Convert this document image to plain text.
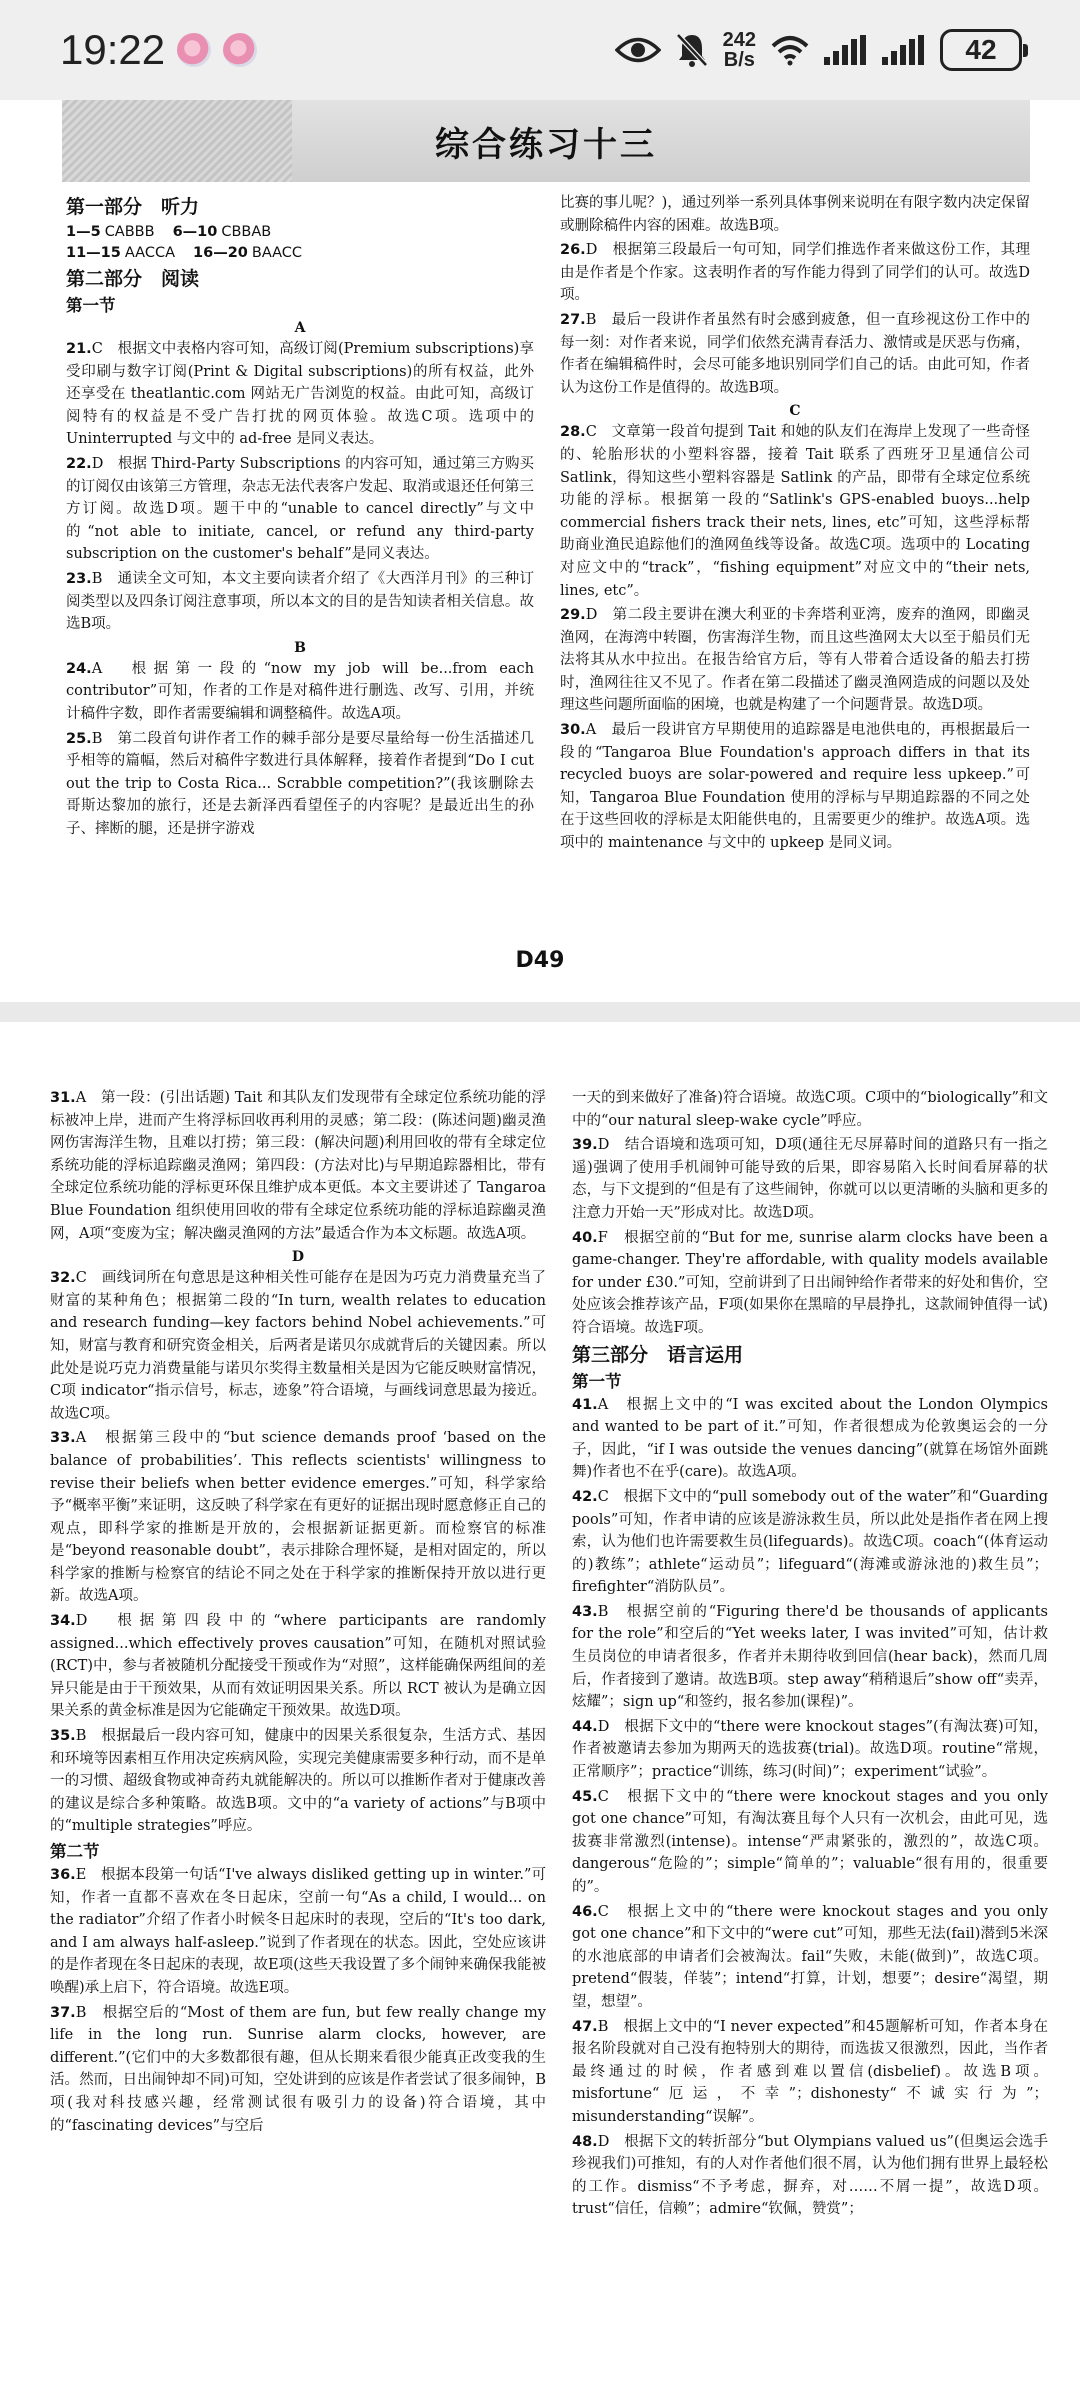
19:22	242
B/s	42
综合练习十三
第一部分　听力
1—5 CABBB 6—10 CBBAB
11—15 AACCA 16—20 BAACC
第二部分　阅读
第一节
A
21.C　根据文中表格内容可知，高级订阅(Premium subscriptions)享受印刷与数字订阅(Print & Digital subscriptions)的所有权益，此外还享受在 theatlantic.com 网站无广告浏览的权益。由此可知，高级订阅特有的权益是不受广告打扰的网页体验。故选C项。选项中的 Uninterrupted 与文中的 ad-free 是同义表达。
22.D　根据 Third-Party Subscriptions 的内容可知，通过第三方购买的订阅仅由该第三方管理，杂志无法代表客户发起、取消或退还任何第三方订阅。故选D项。题干中的“unable to cancel directly”与文中的“not able to initiate, cancel, or refund any third-party subscription on the customer's behalf”是同义表达。
23.B　通读全文可知，本文主要向读者介绍了《大西洋月刊》的三种订阅类型以及四条订阅注意事项，所以本文的目的是告知读者相关信息。故选B项。
B
24.A　根据第一段的“now my job will be...from each contributor”可知，作者的工作是对稿件进行删选、改写、引用，并统计稿件字数，即作者需要编辑和调整稿件。故选A项。
25.B　第二段首句讲作者工作的棘手部分是要尽量给每一份生活描述几乎相等的篇幅，然后对稿件字数进行具体解释，接着作者提到“Do I cut out the trip to Costa Rica... Scrabble competition?”(我该删除去哥斯达黎加的旅行，还是去新泽西看望侄子的内容呢？是最近出生的孙子、摔断的腿，还是拼字游戏
比赛的事儿呢？)，通过列举一系列具体事例来说明在有限字数内决定保留或删除稿件内容的困难。故选B项。
26.D　根据第三段最后一句可知，同学们推选作者来做这份工作，其理由是作者是个作家。这表明作者的写作能力得到了同学们的认可。故选D项。
27.B　最后一段讲作者虽然有时会感到疲惫，但一直珍视这份工作中的每一刻：对作者来说，同学们依然充满青春活力、激情或是厌恶与伤痛，作者在编辑稿件时，会尽可能多地识别同学们自己的话。由此可知，作者认为这份工作是值得的。故选B项。
C
28.C　文章第一段首句提到 Tait 和她的队友们在海岸上发现了一些奇怪的、轮胎形状的小塑料容器，接着 Tait 联系了西班牙卫星通信公司 Satlink，得知这些小塑料容器是 Satlink 的产品，即带有全球定位系统功能的浮标。根据第一段的“Satlink's GPS-enabled buoys...help commercial fishers track their nets, lines, etc”可知，这些浮标帮助商业渔民追踪他们的渔网鱼线等设备。故选C项。选项中的 Locating 对应文中的“track”，“fishing equipment”对应文中的“their nets, lines, etc”。
29.D　第二段主要讲在澳大利亚的卡奔塔利亚湾，废弃的渔网，即幽灵渔网，在海湾中转圈，伤害海洋生物，而且这些渔网太大以至于船员们无法将其从水中拉出。在报告给官方后，等有人带着合适设备的船去打捞时，渔网往往又不见了。作者在第二段描述了幽灵渔网造成的问题以及处理这些问题所面临的困境，也就是构建了一个问题背景。故选D项。
30.A　最后一段讲官方早期使用的追踪器是电池供电的，再根据最后一段的“Tangaroa Blue Foundation's approach differs in that its recycled buoys are solar-powered and require less upkeep.”可知，Tangaroa Blue Foundation 使用的浮标与早期追踪器的不同之处在于这些回收的浮标是太阳能供电的，且需要更少的维护。故选A项。选项中的 maintenance 与文中的 upkeep 是同义词。
D49
31.A　第一段：(引出话题) Tait 和其队友们发现带有全球定位系统功能的浮标被冲上岸，进而产生将浮标回收再利用的灵感；第二段：(陈述问题)幽灵渔网伤害海洋生物，且难以打捞；第三段：(解决问题)利用回收的带有全球定位系统功能的浮标追踪幽灵渔网；第四段：(方法对比)与早期追踪器相比，带有全球定位系统功能的浮标更环保且维护成本更低。本文主要讲述了 Tangaroa Blue Foundation 组织使用回收的带有全球定位系统功能的浮标追踪幽灵渔网，A项“变废为宝；解决幽灵渔网的方法”最适合作为本文标题。故选A项。
D
32.C　画线词所在句意思是这种相关性可能存在是因为巧克力消费量充当了财富的某种角色；根据第二段的“In turn, wealth relates to education and research funding—key factors behind Nobel achievements.”可知，财富与教育和研究资金相关，后两者是诺贝尔成就背后的关键因素。所以此处是说巧克力消费量能与诺贝尔奖得主数量相关是因为它能反映财富情况，C项 indicator“指示信号，标志，迹象”符合语境，与画线词意思最为接近。故选C项。
33.A　根据第三段中的“but science demands proof ‘based on the balance of probabilities’. This reflects scientists' willingness to revise their beliefs when better evidence emerges.”可知，科学家给予“概率平衡”来证明，这反映了科学家在有更好的证据出现时愿意修正自己的观点，即科学家的推断是开放的，会根据新证据更新。而检察官的标准是“beyond reasonable doubt”，表示排除合理怀疑，是相对固定的，所以科学家的推断与检察官的结论不同之处在于科学家的推断保持开放以进行更新。故选A项。
34.D　根据第四段中的“where participants are randomly assigned...which effectively proves causation”可知，在随机对照试验(RCT)中，参与者被随机分配接受干预或作为“对照”，这样能确保两组间的差异只能是由于干预效果，从而有效证明因果关系。所以 RCT 被认为是确立因果关系的黄金标准是因为它能确定干预效果。故选D项。
35.B　根据最后一段内容可知，健康中的因果关系很复杂，生活方式、基因和环境等因素相互作用决定疾病风险，实现完美健康需要多种行动，而不是单一的习惯、超级食物或神奇药丸就能解决的。所以可以推断作者对于健康改善的建议是综合多种策略。故选B项。文中的“a variety of actions”与B项中的“multiple strategies”呼应。
第二节
36.E　根据本段第一句话“I've always disliked getting up in winter.”可知，作者一直都不喜欢在冬日起床，空前一句“As a child, I would... on the radiator”介绍了作者小时候冬日起床时的表现，空后的“It's too dark, and I am always half-asleep.”说到了作者现在的状态。因此，空处应该讲的是作者现在冬日起床的表现，故E项(这些天我设置了多个闹钟来确保我能被唤醒)承上启下，符合语境。故选E项。
37.B　根据空后的“Most of them are fun, but few really change my life in the long run. Sunrise alarm clocks, however, are different.”(它们中的大多数都很有趣，但从长期来看很少能真正改变我的生活。然而，日出闹钟却不同)可知，空处讲到的应该是作者尝试了很多闹钟，B项(我对科技感兴趣，经常测试很有吸引力的设备)符合语境，其中的“fascinating devices”与空后
一天的到来做好了准备)符合语境。故选C项。C项中的“biologically”和文中的“our natural sleep-wake cycle”呼应。
39.D　结合语境和选项可知，D项(通往无尽屏幕时间的道路只有一指之遥)强调了使用手机闹钟可能导致的后果，即容易陷入长时间看屏幕的状态，与下文提到的“但是有了这些闹钟，你就可以以更清晰的头脑和更多的注意力开始一天”形成对比。故选D项。
40.F　根据空前的“But for me, sunrise alarm clocks have been a game-changer. They're affordable, with quality models available for under £30.”可知，空前讲到了日出闹钟给作者带来的好处和售价，空处应该会推荐该产品，F项(如果你在黑暗的早晨挣扎，这款闹钟值得一试)符合语境。故选F项。
第三部分　语言运用
第一节
41.A　根据上文中的“I was excited about the London Olympics and wanted to be part of it.”可知，作者很想成为伦敦奥运会的一分子，因此，“if I was outside the venues dancing”(就算在场馆外面跳舞)作者也不在乎(care)。故选A项。
42.C　根据下文中的“pull somebody out of the water”和“Guarding pools”可知，作者申请的应该是游泳救生员，所以此处是指作者在网上搜索，认为他们也许需要救生员(lifeguards)。故选C项。coach“(体育运动的)教练”；athlete“运动员”；lifeguard“(海滩或游泳池的)救生员”；firefighter“消防队员”。
43.B　根据空前的“Figuring there'd be thousands of applicants for the role”和空后的“Yet weeks later, I was invited”可知，估计救生员岗位的申请者很多，作者并未期待收到回信(hear back)，然而几周后，作者接到了邀请。故选B项。step away“稍稍退后”show off“卖弄，炫耀”；sign up“和签约，报名参加(课程)”。
44.D　根据下文中的“there were knockout stages”(有淘汰赛)可知，作者被邀请去参加为期两天的选拔赛(trial)。故选D项。routine“常规，正常顺序”；practice“训练，练习(时间)”；experiment“试验”。
45.C　根据下文中的“there were knockout stages and you only got one chance”可知，有淘汰赛且每个人只有一次机会，由此可见，选拔赛非常激烈(intense)。intense“严肃紧张的，激烈的”，故选C项。dangerous“危险的”；simple“简单的”；valuable“很有用的，很重要的”。
46.C　根据上文中的“there were knockout stages and you only got one chance”和下文中的“were cut”可知，那些无法(fail)潜到5米深的水池底部的申请者们会被淘汰。fail“失败，未能(做到)”，故选C项。pretend“假装，佯装”；intend“打算，计划，想要”；desire“渴望，期望，想望”。
47.B　根据上文中的“I never expected”和45题解析可知，作者本身在报名阶段就对自己没有抱特别大的期待，而选拔又很激烈，因此，当作者最终通过的时候，作者感到难以置信(disbelief)。故选B项。misfortune“厄运，不幸”；dishonesty“不诚实行为”；misunderstanding“误解”。
48.D　根据下文的转折部分“but Olympians valued us”(但奥运会选手珍视我们)可推知，有的人对作者他们很不屑，认为他们拥有世界上最轻松的工作。dismiss“不予考虑，摒弃，对……不屑一提”，故选D项。trust“信任，信赖”；admire“钦佩，赞赏”；
